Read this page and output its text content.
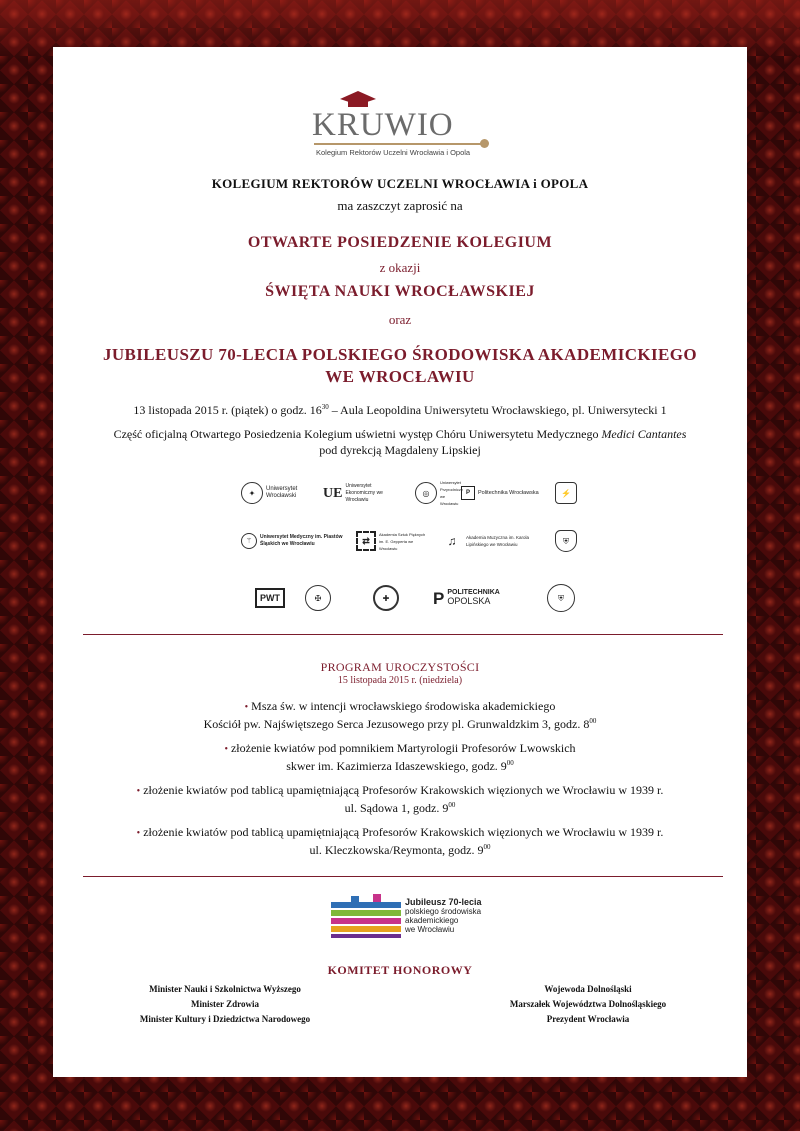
KRUWIO
Kolegium Rektorów Uczelni Wrocławia i Opola
KOLEGIUM REKTORÓW UCZELNI WROCŁAWIA i OPOLA
ma zaszczyt zaprosić na
OTWARTE POSIEDZENIE KOLEGIUM
z okazji
ŚWIĘTA NAUKI WROCŁAWSKIEJ
oraz
JUBILEUSZU 70-LECIA POLSKIEGO ŚRODOWISKA AKADEMICKIEGO
WE WROCŁAWIU
13 listopada 2015 r. (piątek) o godz. $16^{30}$ – Aula Leopoldina Uniwersytetu Wrocławskiego, pl. Uniwersytecki 1
Część oficjalną Otwartego Posiedzenia Kolegium uświetni występ Chóru Uniwersytetu Medycznego Medici Cantantes
pod dyrekcją Magdaleny Lipskiej
✦	Uniwersytet Wrocławski	UE Uniwersytet Ekonomiczny we Wrocławiu
◎
Uniwersytet Przyrodniczy we Wrocławiu
P	Politechnika Wrocławska	⚡
⚚
Uniwersytet Medyczny im. Piastów Śląskich we Wrocławiu	⇄
Akademia Sztuk Pięknych im. E. Gepperta we Wrocławiu
♫	Akademia Muzyczna im. Karola Lipińskiego we Wrocławiu	⛨
PWT	✠	✚	P POLITECHNIKA
OPOLSKA	⛨
PROGRAM UROCZYSTOŚCI
15 listopada 2015 r. (niedziela)
• Msza św. w intencji wrocławskiego środowiska akademickiego
Kościół pw. Najświętszego Serca Jezusowego przy pl. Grunwaldzkim 3, godz. $8^{00}$
• złożenie kwiatów pod pomnikiem Martyrologii Profesorów Lwowskich
skwer im. Kazimierza Idaszewskiego, godz. $9^{00}$
• złożenie kwiatów pod tablicą upamiętniającą Profesorów Krakowskich więzionych we Wrocławiu w 1939 r.
ul. Sądowa 1, godz. $9^{00}$
• złożenie kwiatów pod tablicą upamiętniającą Profesorów Krakowskich więzionych we Wrocławiu w 1939 r.
ul. Kleczkowska/Reymonta, godz. $9^{00}$
Jubileusz 70-lecia
polskiego środowiska
akademickiego
we Wrocławiu
KOMITET HONOROWY
Minister Nauki i Szkolnictwa Wyższego
Minister Zdrowia
Minister Kultury i Dziedzictwa Narodowego
Wojewoda Dolnośląski
Marszałek Województwa Dolnośląskiego
Prezydent Wrocławia
